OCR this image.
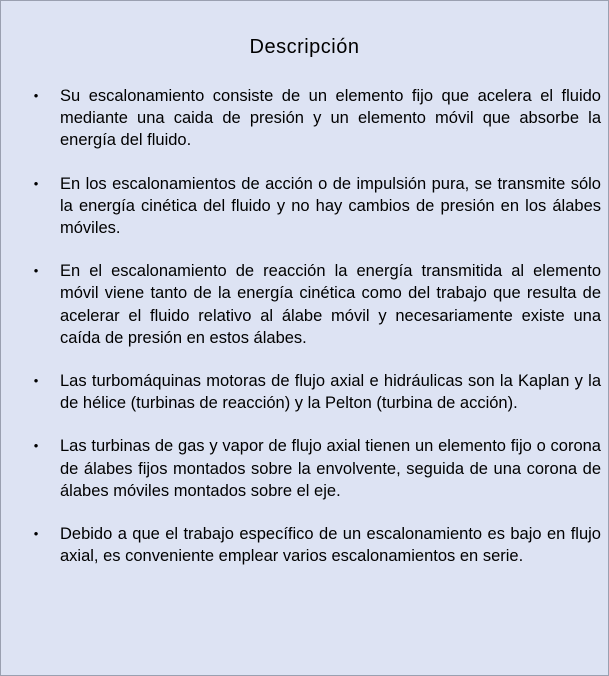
Descripción
• Su escalonamiento consiste de un elemento fijo que acelera el fluido mediante una caida de presión y un elemento móvil que absorbe la energía del fluido.
• En los escalonamientos de acción o de impulsión pura, se transmite sólo la energía cinética del fluido y no hay cambios de presión en los álabes móviles.
• En el escalonamiento de reacción la energía transmitida al elemento móvil viene tanto de la energía cinética como del trabajo que resulta de acelerar el fluido relativo al álabe móvil y necesariamente existe una caída de presión en estos álabes.
• Las turbomáquinas motoras de flujo axial e hidráulicas son la Kaplan y la de hélice (turbinas de reacción) y la Pelton (turbina de acción).
• Las turbinas de gas y vapor de flujo axial tienen un elemento fijo o corona de álabes fijos montados sobre la envolvente, seguida de una corona de álabes móviles montados sobre el eje.
• Debido a que el trabajo específico de un escalonamiento es bajo en flujo axial, es conveniente emplear varios escalonamientos en serie.
